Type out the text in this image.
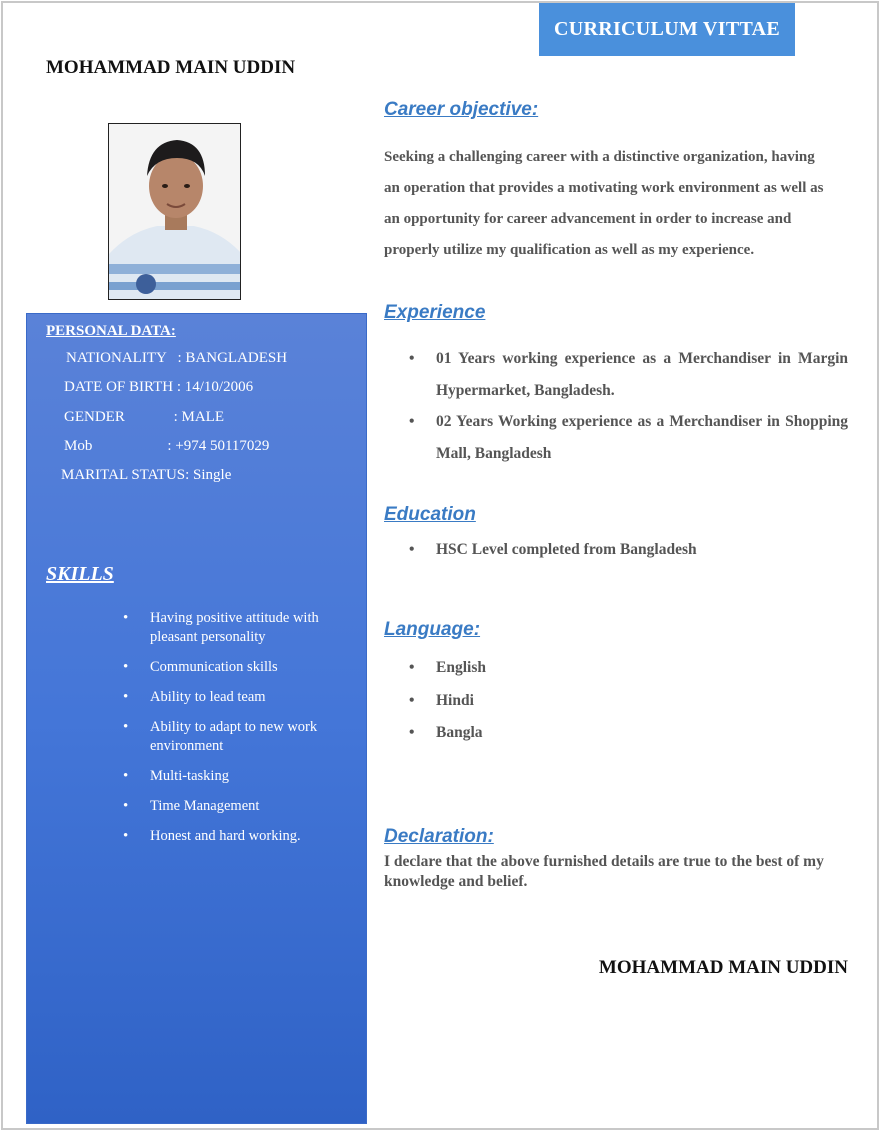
CURRICULUM VITTAE
MOHAMMAD MAIN UDDIN
PERSONAL DATA:
NATIONALITY   : BANGLADESH
DATE OF BIRTH : 14/10/2006
GENDER             : MALE
Mob                    : +974 50117029
MARITAL STATUS: Single
SKILLS
• Having positive attitude with pleasant personality
• Communication skills
• Ability to lead team
• Ability to adapt to new work environment
• Multi-tasking
• Time Management
• Honest and hard working.
Career objective:
Seeking a challenging career with a distinctive organization, having an operation that provides a motivating work environment as well as an opportunity for career advancement in order to increase and properly utilize my qualification as well as my experience.
Experience
• 01 Years working experience as a Merchandiser in Margin Hypermarket, Bangladesh.
• 02 Years Working experience as a Merchandiser in Shopping Mall, Bangladesh
Education
• HSC Level completed from Bangladesh
Language:
• English
• Hindi
• Bangla
Declaration:
I declare that the above furnished details are true to the best of my knowledge and belief.
MOHAMMAD MAIN UDDIN
